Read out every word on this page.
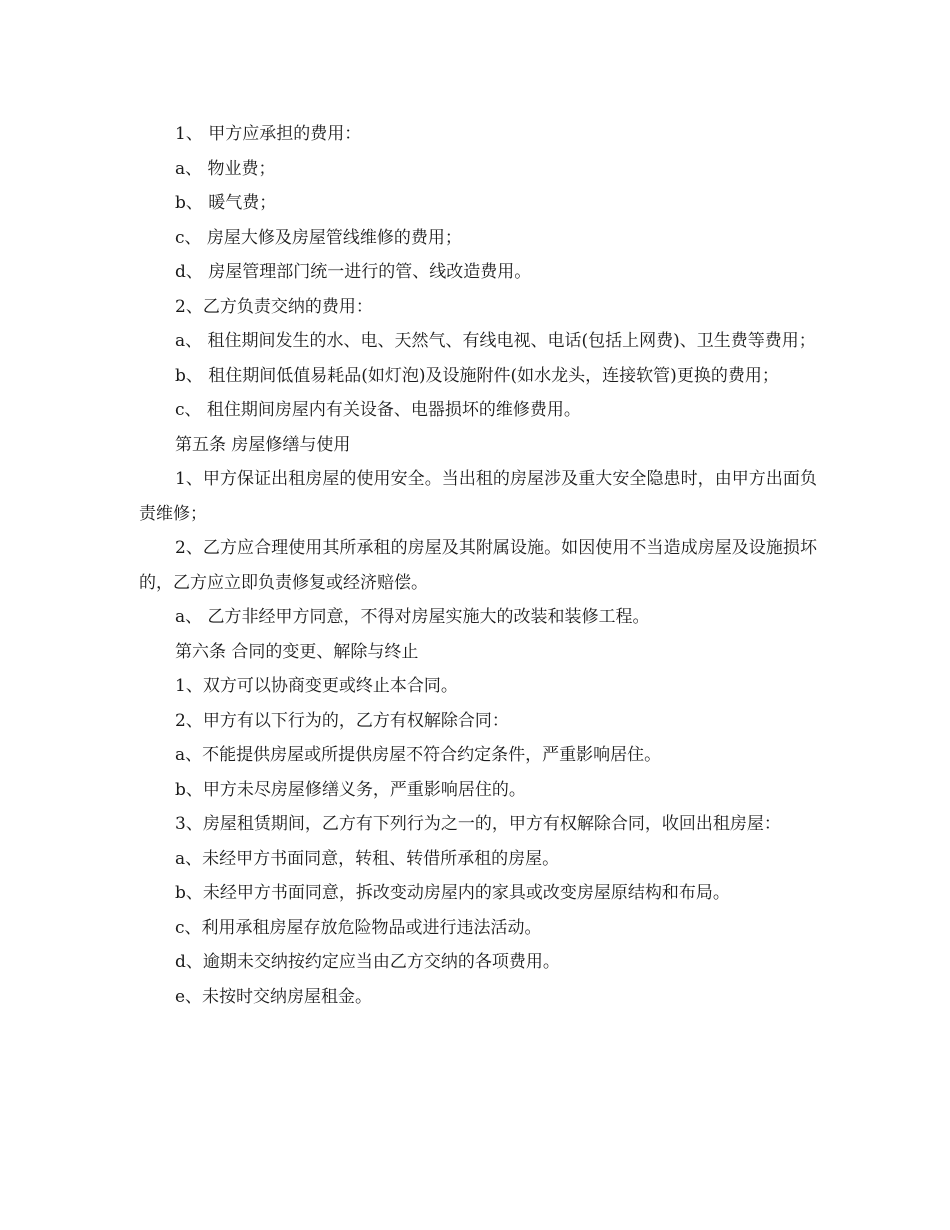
1、 甲方应承担的费用：

a、 物业费；

b、 暖气费；

c、 房屋大修及房屋管线维修的费用；

d、 房屋管理部门统一进行的管、线改造费用。

2、乙方负责交纳的费用：

a、 租住期间发生的水、电、天然气、有线电视、电话(包括上网费)、卫生费等费用；

b、 租住期间低值易耗品(如灯泡)及设施附件(如水龙头，连接软管)更换的费用；

c、 租住期间房屋内有关设备、电器损坏的维修费用。

第五条 房屋修缮与使用

1、甲方保证出租房屋的使用安全。当出租的房屋涉及重大安全隐患时，由甲方出面负责维修；

2、乙方应合理使用其所承租的房屋及其附属设施。如因使用不当造成房屋及设施损坏的，乙方应立即负责修复或经济赔偿。

a、 乙方非经甲方同意，不得对房屋实施大的改装和装修工程。

第六条 合同的变更、解除与终止

1、双方可以协商变更或终止本合同。

2、甲方有以下行为的，乙方有权解除合同：

a、不能提供房屋或所提供房屋不符合约定条件，严重影响居住。

b、甲方未尽房屋修缮义务，严重影响居住的。

3、房屋租赁期间，乙方有下列行为之一的，甲方有权解除合同，收回出租房屋：

a、未经甲方书面同意，转租、转借所承租的房屋。

b、未经甲方书面同意，拆改变动房屋内的家具或改变房屋原结构和布局。

c、利用承租房屋存放危险物品或进行违法活动。

d、逾期未交纳按约定应当由乙方交纳的各项费用。

e、未按时交纳房屋租金。
